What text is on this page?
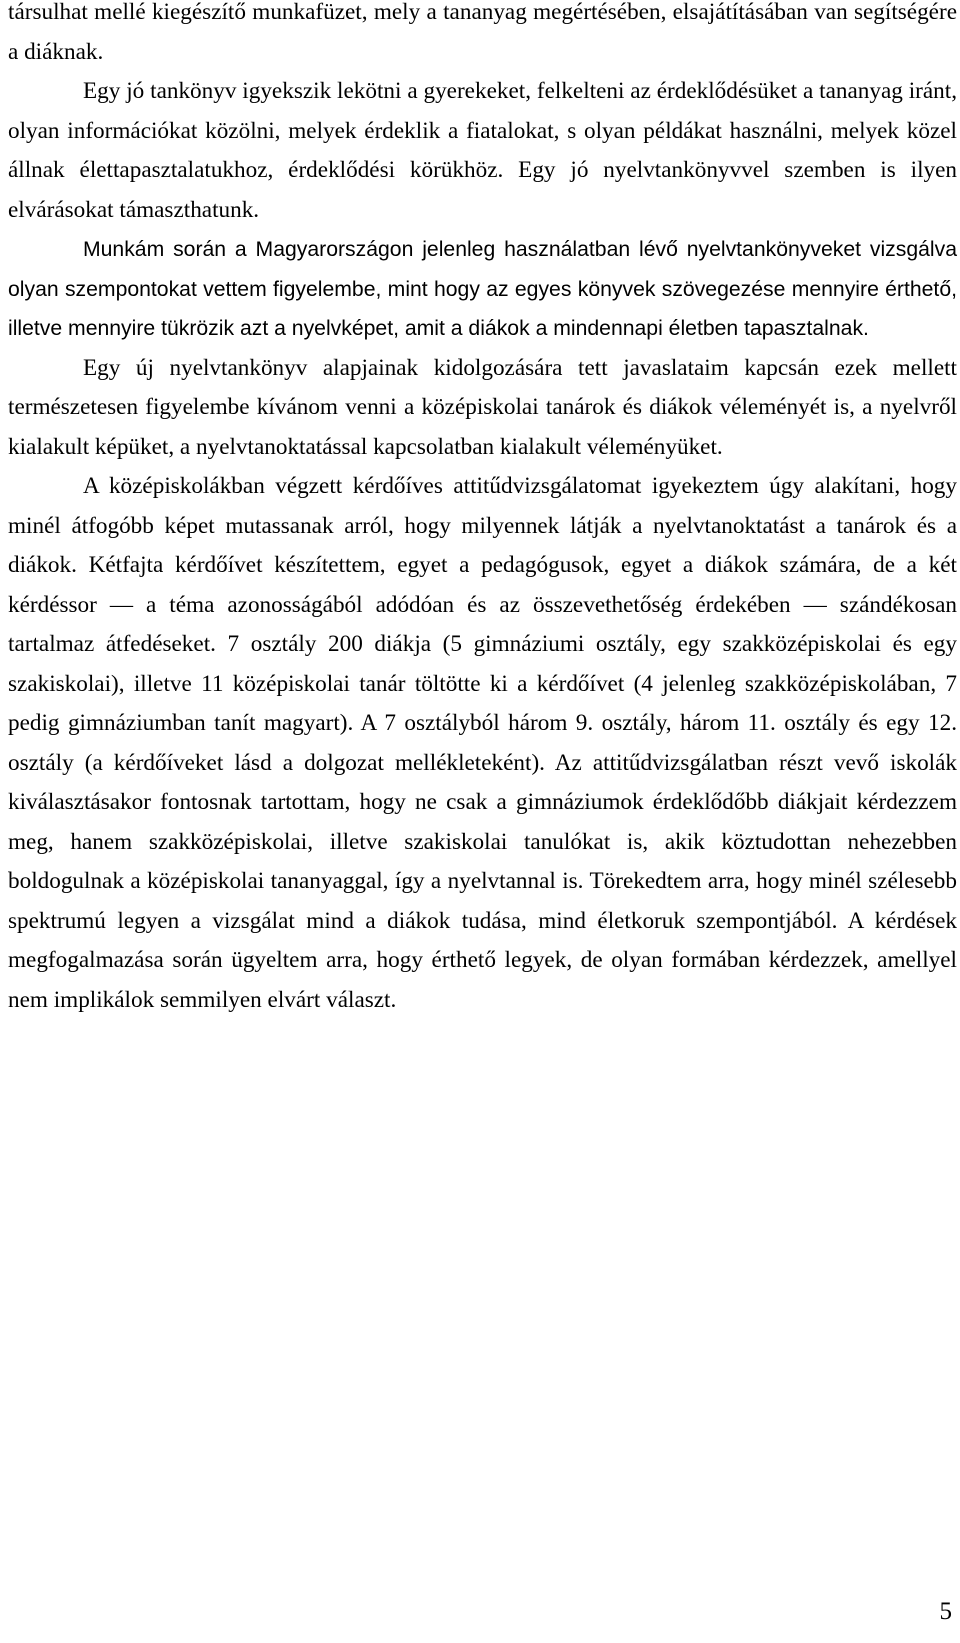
társulhat mellé kiegészítő munkafüzet, mely a tananyag megértésében, elsajátításában van segítségére a diáknak.

Egy jó tankönyv igyekszik lekötni a gyerekeket, felkelteni az érdeklődésüket a tananyag iránt, olyan információkat közölni, melyek érdeklik a fiatalokat, s olyan példákat használni, melyek közel állnak élettapasztalatukhoz, érdeklődési körükhöz. Egy jó nyelvtankönyvvel szemben is ilyen elvárásokat támaszthatunk.

Munkám során a Magyarországon jelenleg használatban lévő nyelvtankönyveket vizsgálva olyan szempontokat vettem figyelembe, mint hogy az egyes könyvek szövegezése mennyire érthető, illetve mennyire tükrözik azt a nyelvképet, amit a diákok a mindennapi életben tapasztalnak.

Egy új nyelvtankönyv alapjainak kidolgozására tett javaslataim kapcsán ezek mellett természetesen figyelembe kívánom venni a középiskolai tanárok és diákok véleményét is, a nyelvről kialakult képüket, a nyelvtanoktatással kapcsolatban kialakult véleményüket.

A középiskolákban végzett kérdőíves attitűdvizsgálatomat igyekeztem úgy alakítani, hogy minél átfogóbb képet mutassanak arról, hogy milyennek látják a nyelvtanoktatást a tanárok és a diákok. Kétfajta kérdőívet készítettem, egyet a pedagógusok, egyet a diákok számára, de a két kérdéssor — a téma azonosságából adódóan és az összevethetőség érdekében — szándékosan tartalmaz átfedéseket. 7 osztály 200 diákja (5 gimnáziumi osztály, egy szakközépiskolai és egy szakiskolai), illetve 11 középiskolai tanár töltötte ki a kérdőívet (4 jelenleg szakközépiskolában, 7 pedig gimnáziumban tanít magyart). A 7 osztályból három 9. osztály, három 11. osztály és egy 12. osztály (a kérdőíveket lásd a dolgozat mellékleteként). Az attitűdvizsgálatban részt vevő iskolák kiválasztásakor fontosnak tartottam, hogy ne csak a gimnáziumok érdeklődőbb diákjait kérdezzem meg, hanem szakközépiskolai, illetve szakiskolai tanulókat is, akik köztudottan nehezebben boldogulnak a középiskolai tananyaggal, így a nyelvtannal is. Törekedtem arra, hogy minél szélesebb spektrumú legyen a vizsgálat mind a diákok tudása, mind életkoruk szempontjából. A kérdések megfogalmazása során ügyeltem arra, hogy érthető legyek, de olyan formában kérdezzek, amellyel nem implikálok semmilyen elvárt választ.

5
